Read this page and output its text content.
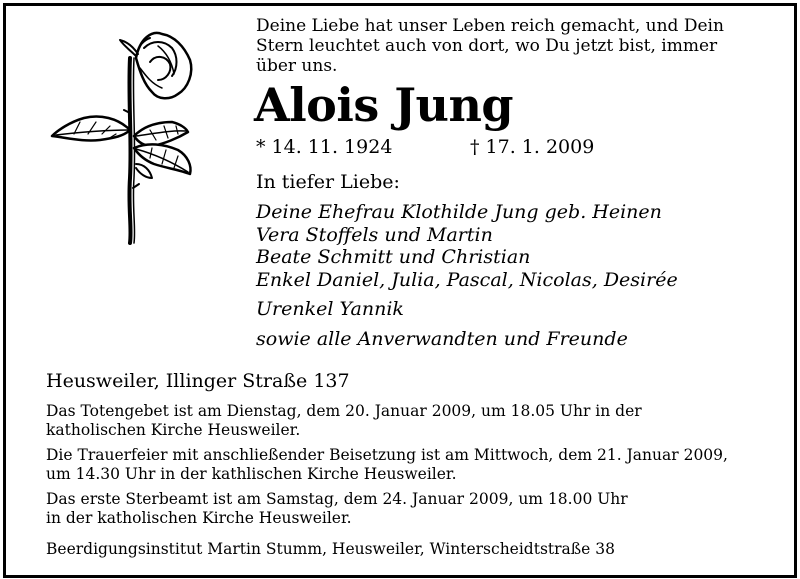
Deine Liebe hat unser Leben reich gemacht, und Dein
Stern leuchtet auch von dort, wo Du jetzt bist, immer
über uns.
Alois Jung
* 14. 11. 1924	† 17. 1. 2009
In tiefer Liebe:
Deine Ehefrau Klothilde Jung geb. Heinen
Vera Stoffels und Martin
Beate Schmitt und Christian
Enkel Daniel, Julia, Pascal, Nicolas, Desirée
Urenkel Yannik
sowie alle Anverwandten und Freunde
Heusweiler, Illinger Straße 137
Das Totengebet ist am Dienstag, dem 20. Januar 2009, um 18.05 Uhr in der
katholischen Kirche Heusweiler.
Die Trauerfeier mit anschließender Beisetzung ist am Mittwoch, dem 21. Januar 2009,
um 14.30 Uhr in der kathlischen Kirche Heusweiler.
Das erste Sterbeamt ist am Samstag, dem 24. Januar 2009, um 18.00 Uhr
in der katholischen Kirche Heusweiler.
Beerdigungsinstitut Martin Stumm, Heusweiler, Winterscheidtstraße 38
